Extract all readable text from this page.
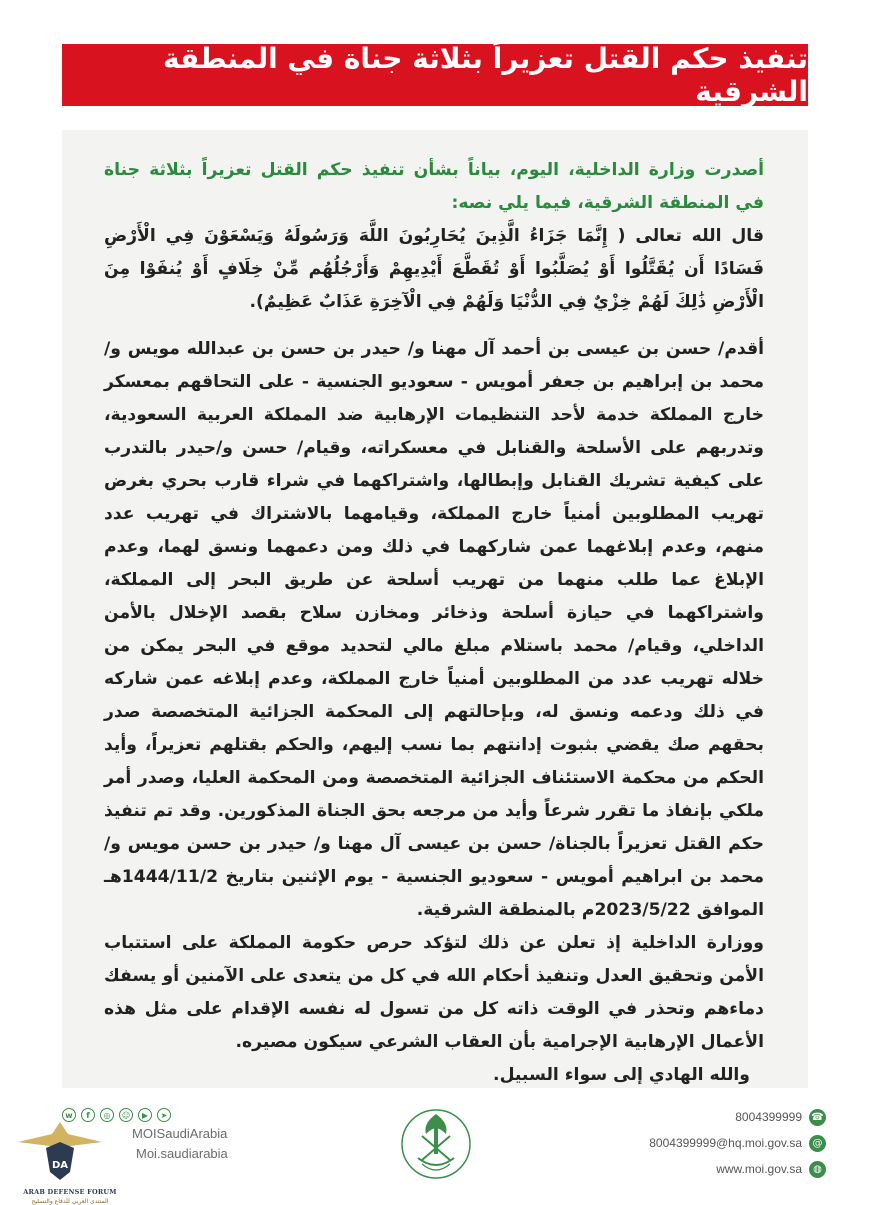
تنفيذ حكم القتل تعزيراً بثلاثة جناة في المنطقة الشرقية

أصدرت وزارة الداخلية، اليوم، بياناً بشأن تنفيذ حكم القتل تعزيراً بثلاثة جناة في المنطقة الشرقية، فيما يلي نصه:

قال الله تعالى ( إِنَّمَا جَزَاءُ الَّذِينَ يُحَارِبُونَ اللَّهَ وَرَسُولَهُ وَيَسْعَوْنَ فِي الْأَرْضِ فَسَادًا أَن يُقَتَّلُوا أَوْ يُصَلَّبُوا أَوْ تُقَطَّعَ أَيْدِيهِمْ وَأَرْجُلُهُم مِّنْ خِلَافٍ أَوْ يُنفَوْا مِنَ الْأَرْضِ ذَٰلِكَ لَهُمْ خِزْيٌ فِي الدُّنْيَا وَلَهُمْ فِي الْآخِرَةِ عَذَابٌ عَظِيمٌ).

أقدم/ حسن بن عيسى بن أحمد آل مهنا و/ حيدر بن حسن بن عبدالله مويس و/ محمد بن إبراهيم بن جعفر أمويس - سعوديو الجنسية - على التحاقهم بمعسكر خارج المملكة خدمة لأحد التنظيمات الإرهابية ضد المملكة العربية السعودية، وتدربهم على الأسلحة والقنابل في معسكراته، وقيام/ حسن و/حيدر بالتدرب على كيفية تشريك القنابل وإبطالها، واشتراكهما في شراء قارب بحري بغرض تهريب المطلوبين أمنياً خارج المملكة، وقيامهما بالاشتراك في تهريب عدد منهم، وعدم إبلاغهما عمن شاركهما في ذلك ومن دعمهما ونسق لهما، وعدم الإبلاغ عما طلب منهما من تهريب أسلحة عن طريق البحر إلى المملكة، واشتراكهما في حيازة أسلحة وذخائر ومخازن سلاح بقصد الإخلال بالأمن الداخلي، وقيام/ محمد باستلام مبلغ مالي لتحديد موقع في البحر يمكن من خلاله تهريب عدد من المطلوبين أمنياً خارج المملكة، وعدم إبلاغه عمن شاركه في ذلك ودعمه ونسق له، وبإحالتهم إلى المحكمة الجزائية المتخصصة صدر بحقهم صك يقضي بثبوت إدانتهم بما نسب إليهم، والحكم بقتلهم تعزيراً، وأيد الحكم من محكمة الاستئناف الجزائية المتخصصة ومن المحكمة العليا، وصدر أمر ملكي بإنفاذ ما تقرر شرعاً وأيد من مرجعه بحق الجناة المذكورين. وقد تم تنفيذ حكم القتل تعزيراً بالجناة/ حسن بن عيسى آل مهنا و/ حيدر بن حسن مويس و/ محمد بن ابراهيم أمويس - سعوديو الجنسية - يوم الإثنين بتاريخ 1444/11/2هـ الموافق 2023/5/22م بالمنطقة الشرقية.

ووزارة الداخلية إذ تعلن عن ذلك لتؤكد حرص حكومة المملكة على استتباب الأمن وتحقيق العدل وتنفيذ أحكام الله في كل من يتعدى على الآمنين أو يسفك دماءهم وتحذر في الوقت ذاته كل من تسول له نفسه الإقدام على مثل هذه الأعمال الإرهابية الإجرامية بأن العقاب الشرعي سيكون مصيره.

والله الهادي إلى سواء السبيل.

DA
ARAB DEFENSE FORUM
المنتدى العربي للدفاع والتسليح
w	f	◎	☺	▶	➤
MOISaudiArabia
Moi.saudiarabia
8004399999 ☎
8004399999@hq.moi.gov.sa	@
www.moi.gov.sa	◍
